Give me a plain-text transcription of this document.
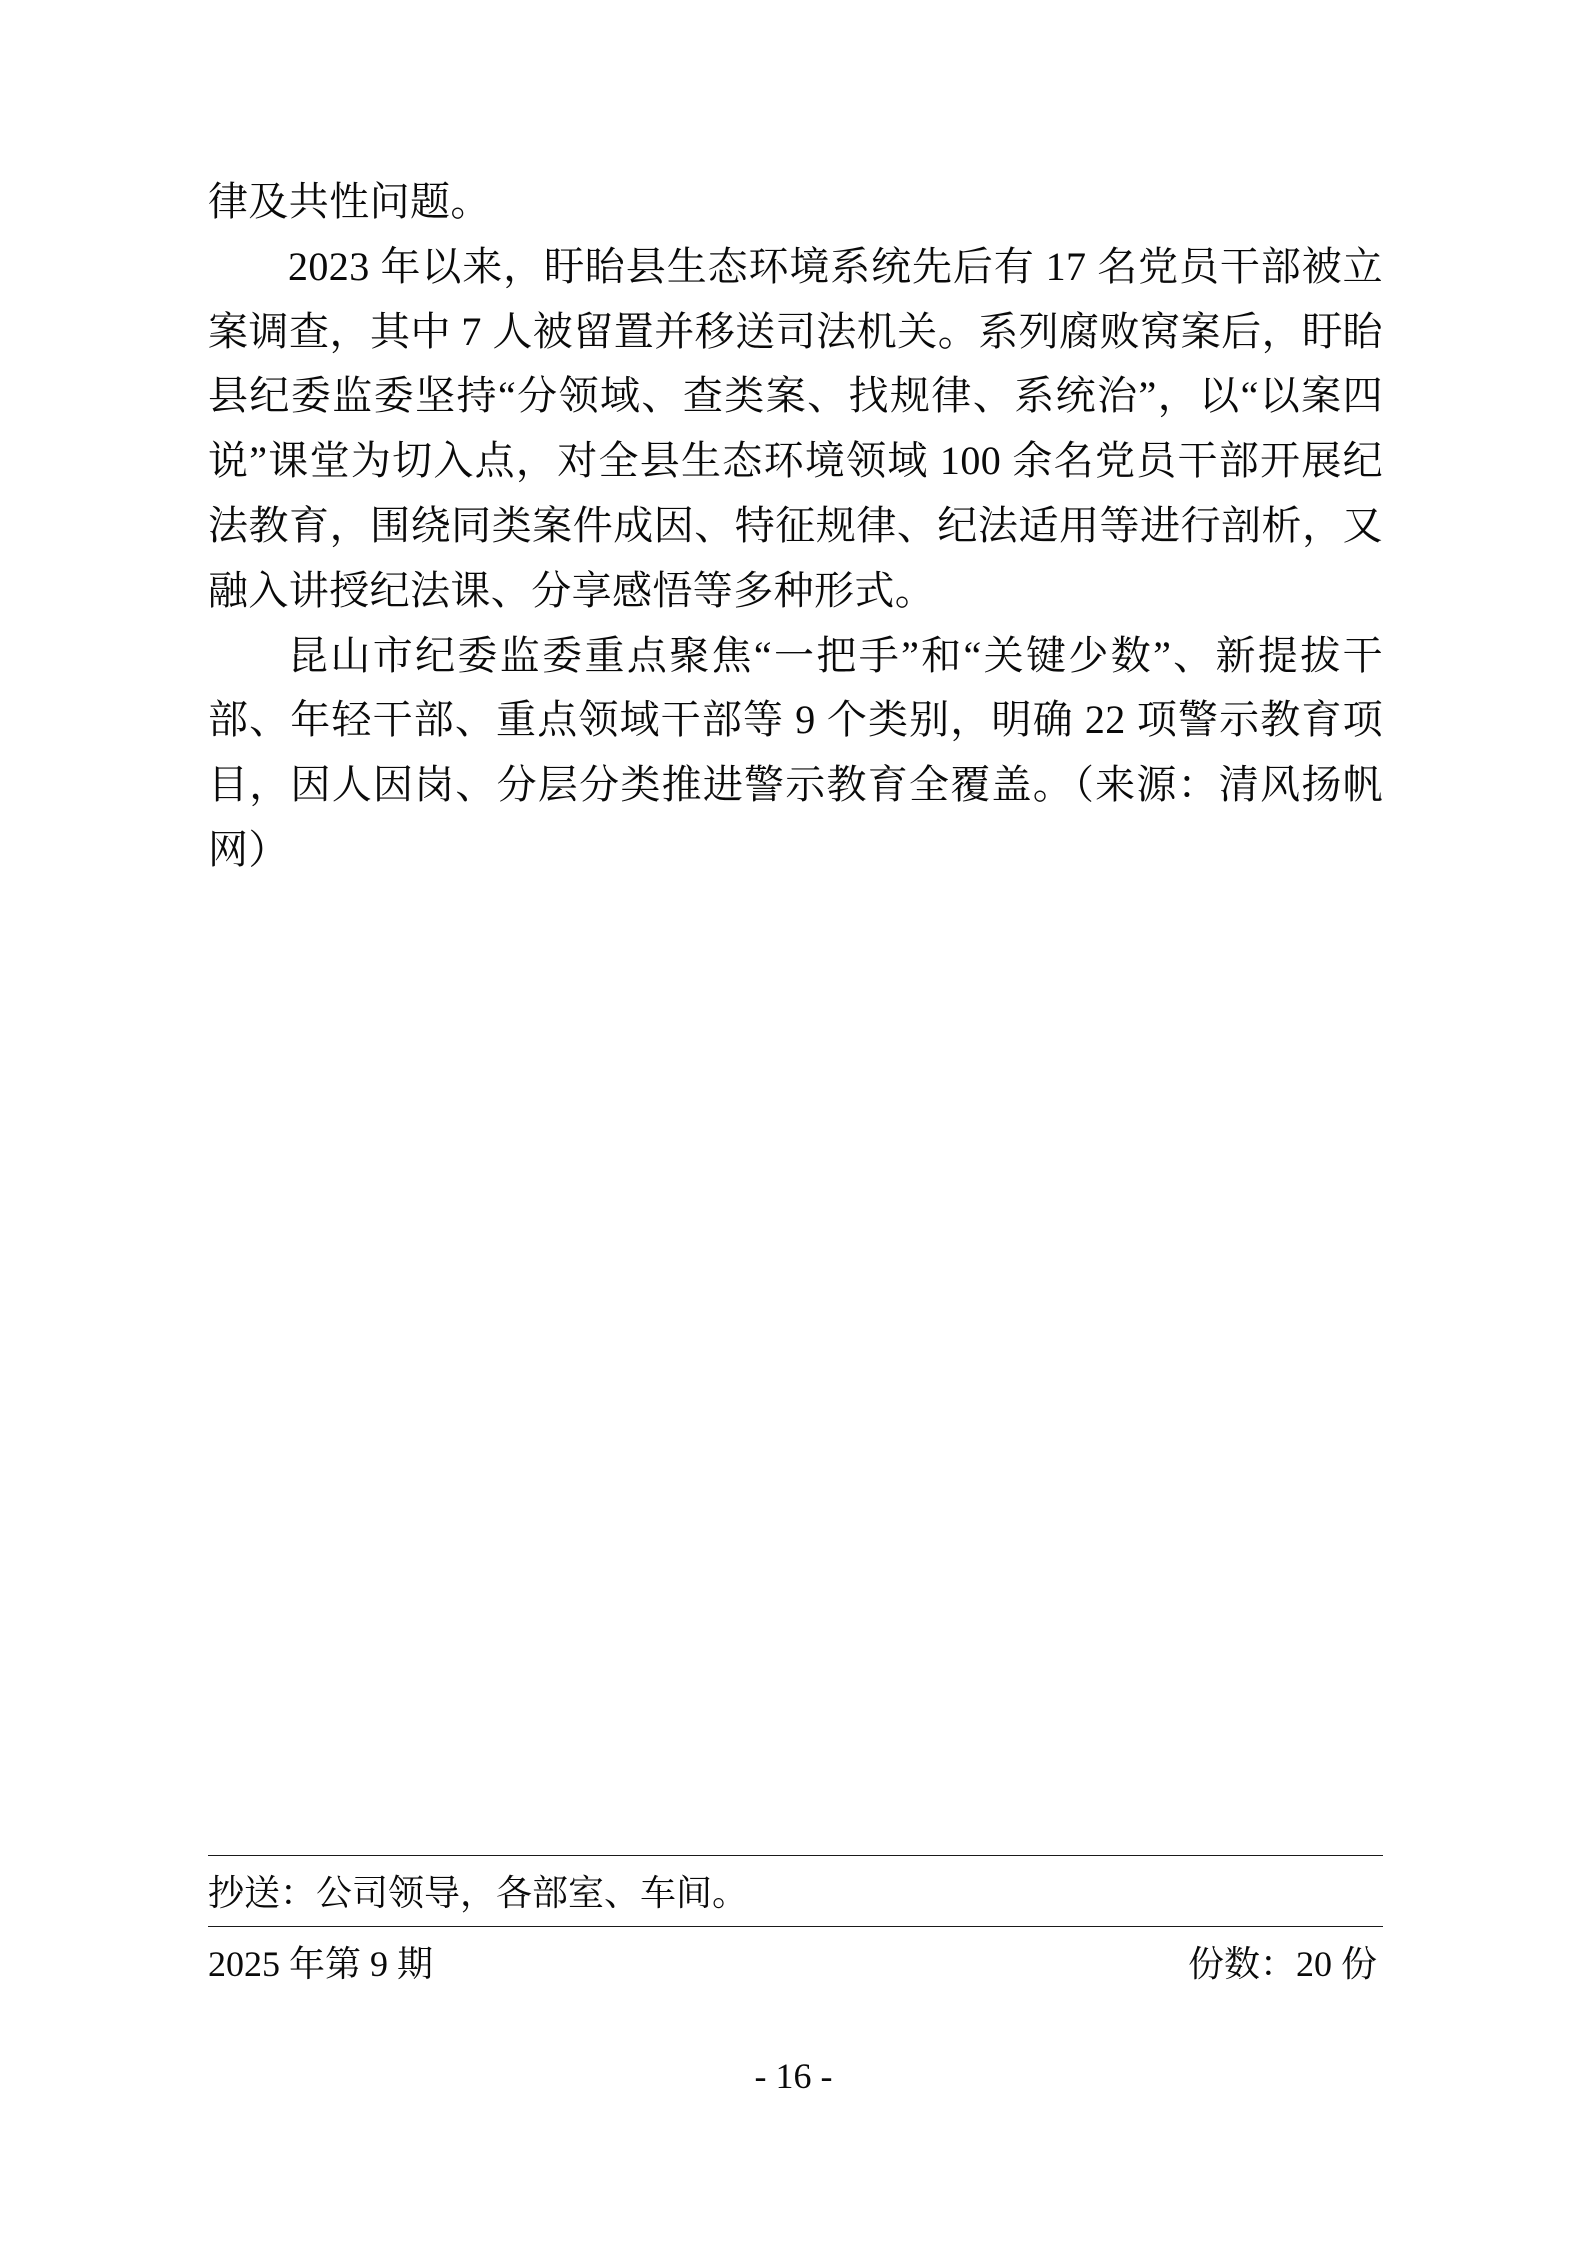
律及共性问题。

2023 年以来，盱眙县生态环境系统先后有 17 名党员干部被立案调查，其中 7 人被留置并移送司法机关。系列腐败窝案后，盱眙县纪委监委坚持“分领域、查类案、找规律、系统治”，以“以案四说”课堂为切入点，对全县生态环境领域 100 余名党员干部开展纪法教育，围绕同类案件成因、特征规律、纪法适用等进行剖析，又融入讲授纪法课、分享感悟等多种形式。

昆山市纪委监委重点聚焦“一把手”和“关键少数”、新提拔干部、年轻干部、重点领域干部等 9 个类别，明确 22 项警示教育项目，因人因岗、分层分类推进警示教育全覆盖。（来源：清风扬帆网）

抄送：公司领导，各部室、车间。
2025 年第 9 期	份数：20 份
- 16 -
